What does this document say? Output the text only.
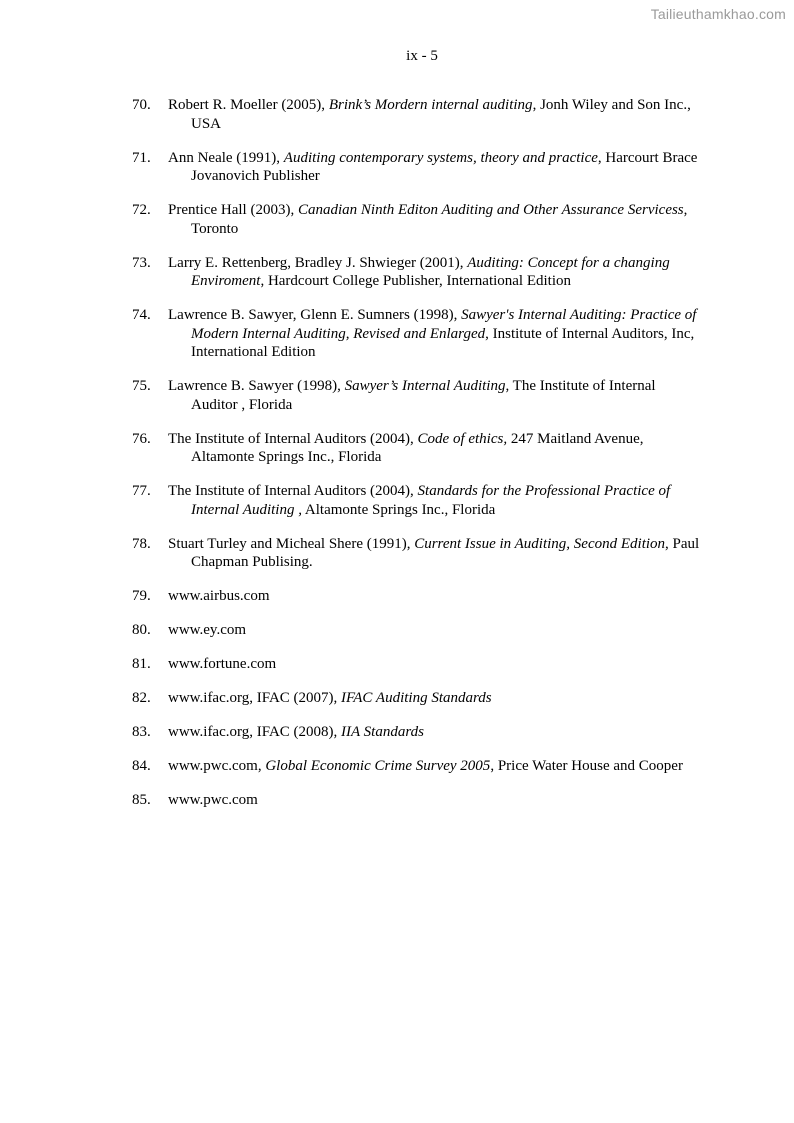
Tailieuthamkhao.com
ix - 5
70. Robert R. Moeller (2005), Brink’s Mordern internal auditing, Jonh Wiley and Son Inc., USA
71. Ann Neale (1991), Auditing contemporary systems, theory and practice, Harcourt Brace Jovanovich Publisher
72. Prentice Hall (2003), Canadian Ninth Editon Auditing and Other Assurance Servicess, Toronto
73. Larry E. Rettenberg, Bradley J. Shwieger (2001), Auditing: Concept for a changing Enviroment, Hardcourt College Publisher, International Edition
74. Lawrence B. Sawyer, Glenn E. Sumners (1998), Sawyer's Internal Auditing: Practice of Modern Internal Auditing, Revised and Enlarged, Institute of Internal Auditors, Inc, International Edition
75. Lawrence B. Sawyer (1998), Sawyer’s Internal Auditing, The Institute of Internal Auditor , Florida
76. The Institute of Internal Auditors (2004), Code of ethics, 247 Maitland Avenue, Altamonte Springs Inc., Florida
77. The Institute of Internal Auditors (2004), Standards for the Professional Practice of Internal Auditing , Altamonte Springs Inc., Florida
78. Stuart Turley and Micheal Shere (1991), Current Issue in Auditing, Second Edition, Paul Chapman Publising.
79. www.airbus.com
80. www.ey.com
81. www.fortune.com
82. www.ifac.org, IFAC (2007), IFAC Auditing Standards
83. www.ifac.org, IFAC (2008), IIA Standards
84. www.pwc.com, Global Economic Crime Survey 2005, Price Water House and Cooper
85. www.pwc.com
